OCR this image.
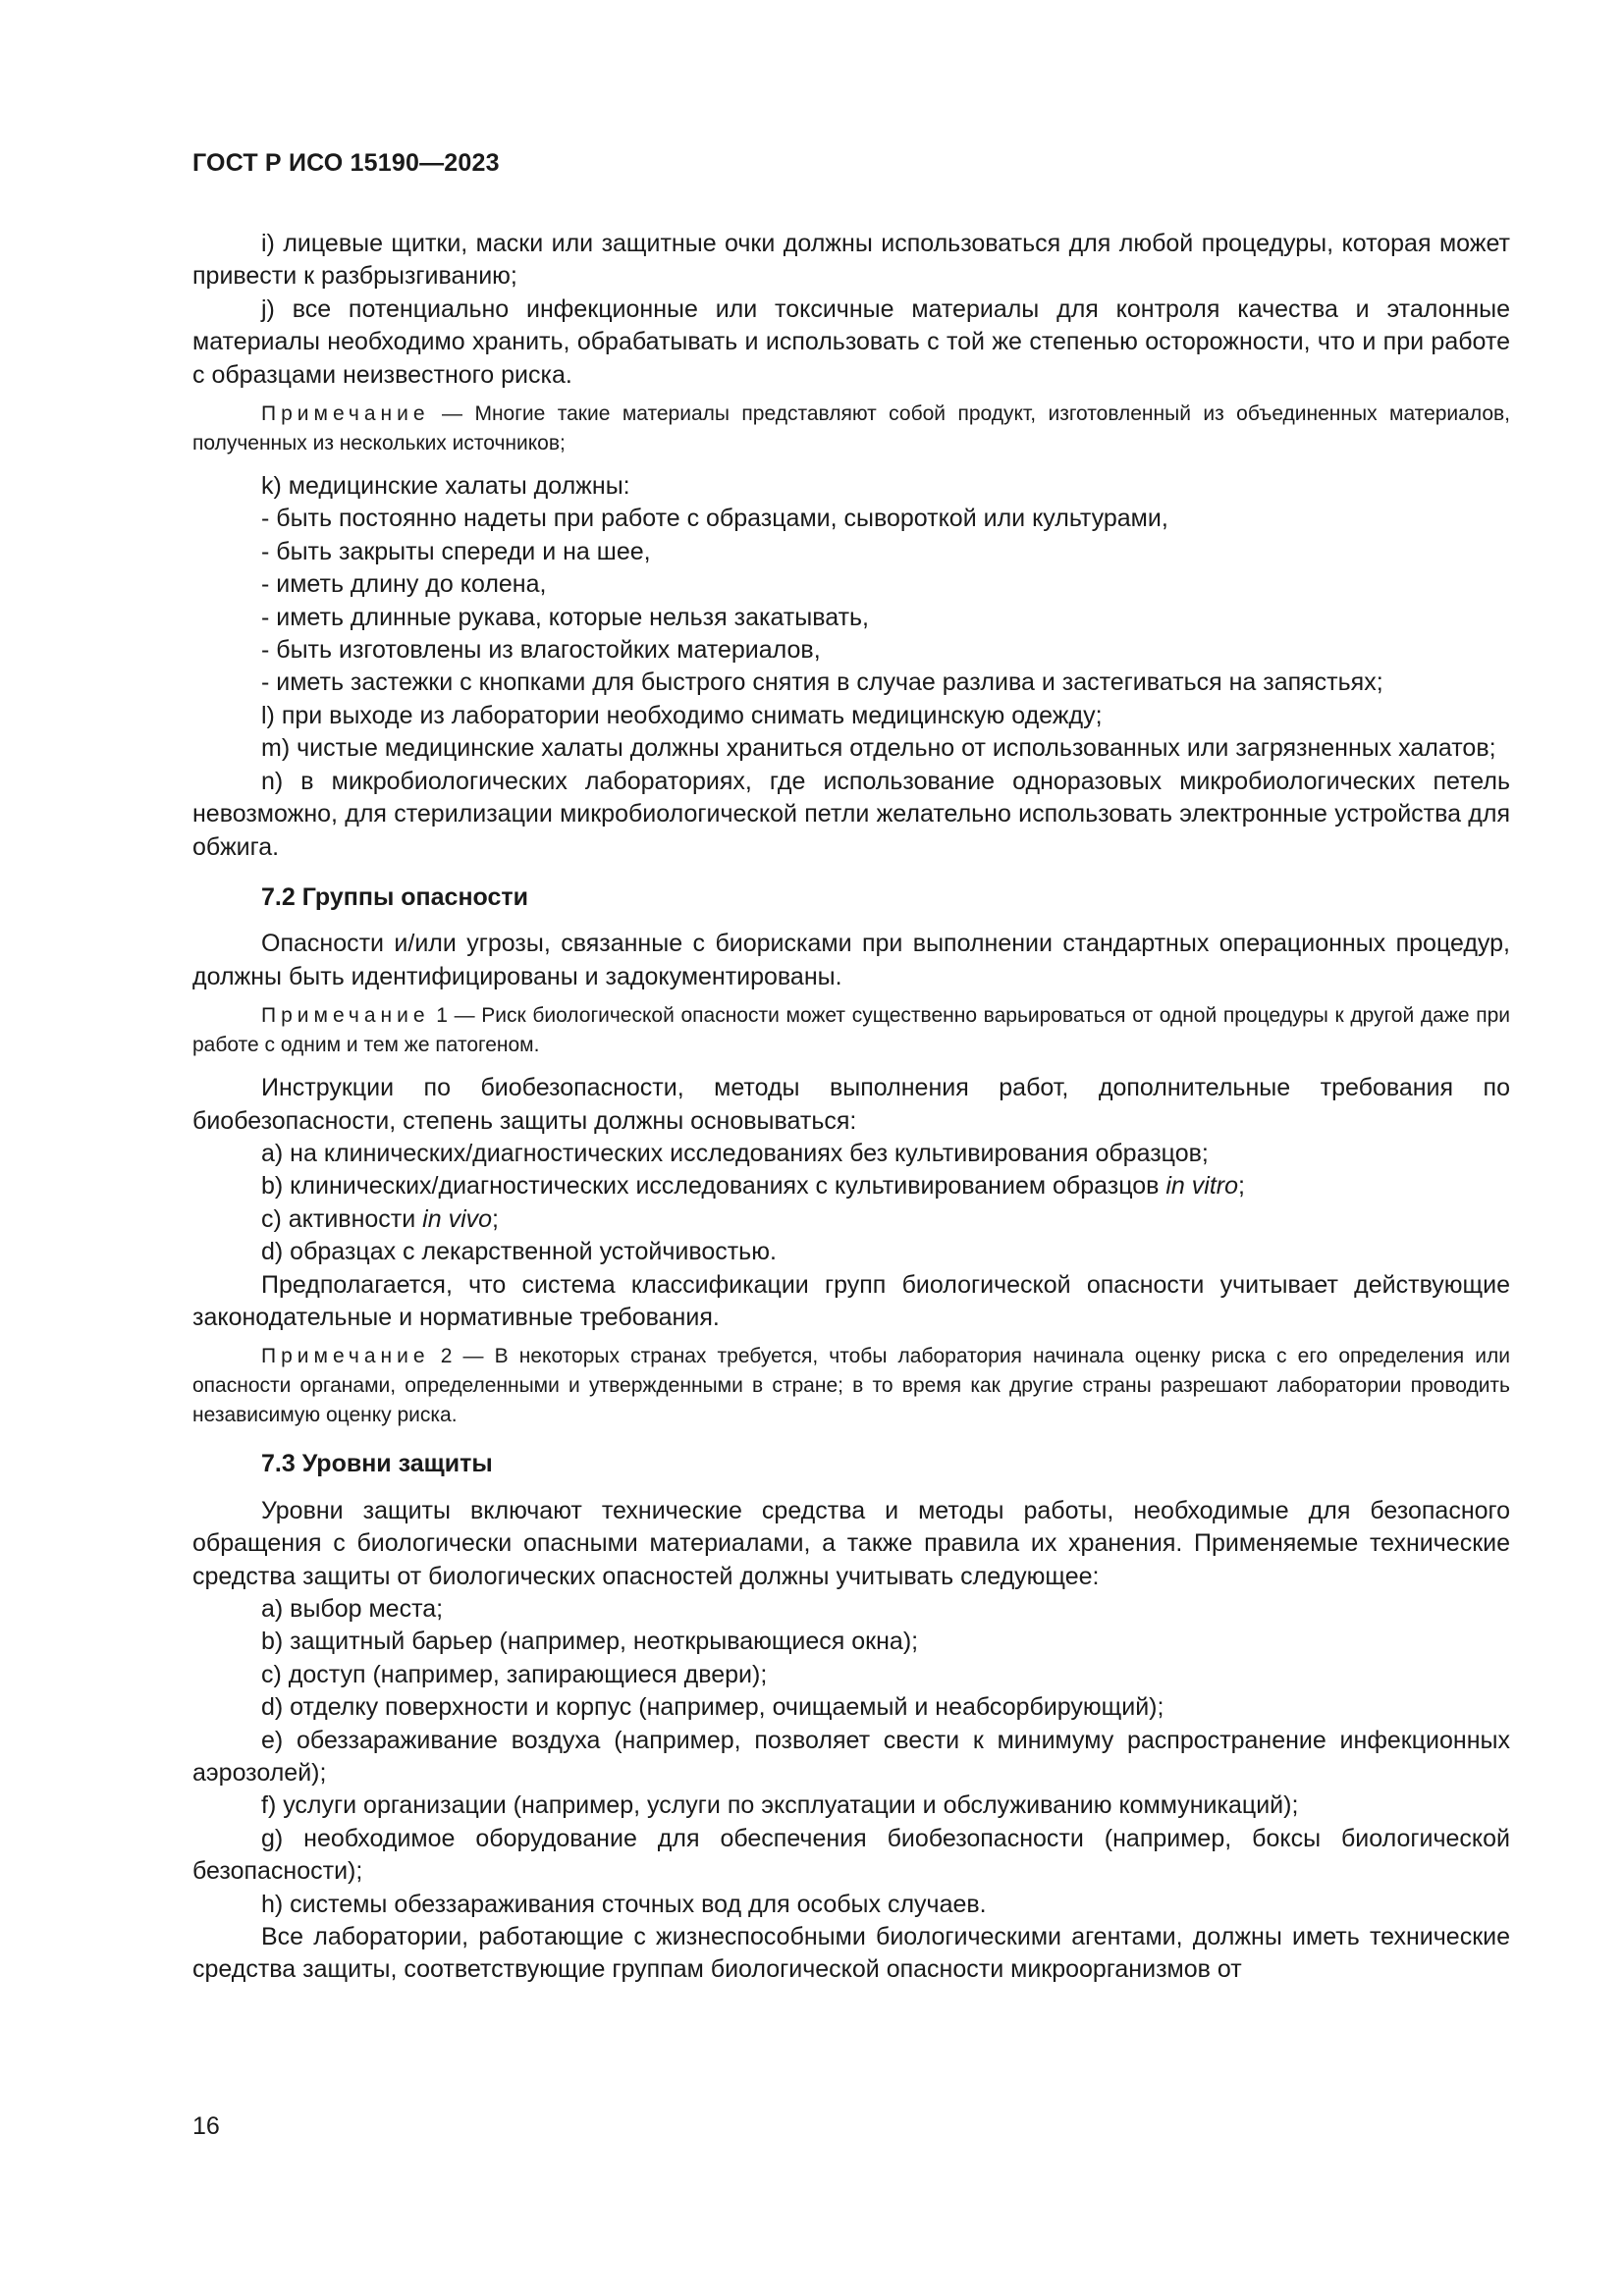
ГОСТ Р ИСО 15190—2023

i) лицевые щитки, маски или защитные очки должны использоваться для любой процедуры, которая может привести к разбрызгиванию;

j) все потенциально инфекционные или токсичные материалы для контроля качества и эталонные материалы необходимо хранить, обрабатывать и использовать с той же степенью осторожности, что и при работе с образцами неизвестного риска.

Примечание — Многие такие материалы представляют собой продукт, изготовленный из объединенных материалов, полученных из нескольких источников;

k) медицинские халаты должны:

- быть постоянно надеты при работе с образцами, сывороткой или культурами,

- быть закрыты спереди и на шее,

- иметь длину до колена,

- иметь длинные рукава, которые нельзя закатывать,

- быть изготовлены из влагостойких материалов,

- иметь застежки с кнопками для быстрого снятия в случае разлива и застегиваться на запястьях;

l) при выходе из лаборатории необходимо снимать медицинскую одежду;

m) чистые медицинские халаты должны храниться отдельно от использованных или загрязненных халатов;

n) в микробиологических лабораториях, где использование одноразовых микробиологических петель невозможно, для стерилизации микробиологической петли желательно использовать электронные устройства для обжига.

7.2 Группы опасности

Опасности и/или угрозы, связанные с биорисками при выполнении стандартных операционных процедур, должны быть идентифицированы и задокументированы.

Примечание 1 — Риск биологической опасности может существенно варьироваться от одной процедуры к другой даже при работе с одним и тем же патогеном.

Инструкции по биобезопасности, методы выполнения работ, дополнительные требования по биобезопасности, степень защиты должны основываться:

a) на клинических/диагностических исследованиях без культивирования образцов;

b) клинических/диагностических исследованиях с культивированием образцов in vitro;

c) активности in vivo;

d) образцах с лекарственной устойчивостью.

Предполагается, что система классификации групп биологической опасности учитывает действующие законодательные и нормативные требования.

Примечание 2 — В некоторых странах требуется, чтобы лаборатория начинала оценку риска с его определения или опасности органами, определенными и утвержденными в стране; в то время как другие страны разрешают лаборатории проводить независимую оценку риска.

7.3 Уровни защиты

Уровни защиты включают технические средства и методы работы, необходимые для безопасного обращения с биологически опасными материалами, а также правила их хранения. Применяемые технические средства защиты от биологических опасностей должны учитывать следующее:

a) выбор места;

b) защитный барьер (например, неоткрывающиеся окна);

c) доступ (например, запирающиеся двери);

d) отделку поверхности и корпус (например, очищаемый и неабсорбирующий);

e) обеззараживание воздуха (например, позволяет свести к минимуму распространение инфекционных аэрозолей);

f) услуги организации (например, услуги по эксплуатации и обслуживанию коммуникаций);

g) необходимое оборудование для обеспечения биобезопасности (например, боксы биологической безопасности);

h) системы обеззараживания сточных вод для особых случаев.

Все лаборатории, работающие с жизнеспособными биологическими агентами, должны иметь технические средства защиты, соответствующие группам биологической опасности микроорганизмов от

16
